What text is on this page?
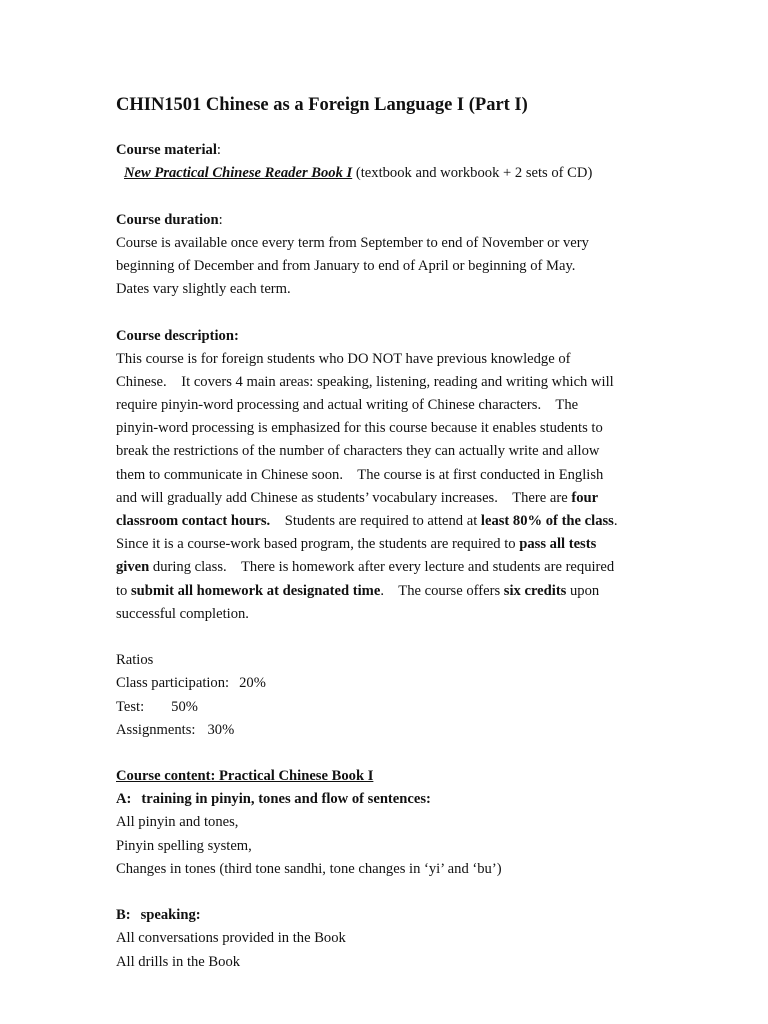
CHIN1501 Chinese as a Foreign Language I (Part I)
Course material:
New Practical Chinese Reader Book I (textbook and workbook + 2 sets of CD)
Course duration:
Course is available once every term from September to end of November or very
beginning of December and from January to end of April or beginning of May.
Dates vary slightly each term.
Course description:
This course is for foreign students who DO NOT have previous knowledge of
Chinese.    It covers 4 main areas: speaking, listening, reading and writing which will
require pinyin-word processing and actual writing of Chinese characters.    The
pinyin-word processing is emphasized for this course because it enables students to
break the restrictions of the number of characters they can actually write and allow
them to communicate in Chinese soon.    The course is at first conducted in English
and will gradually add Chinese as students’ vocabulary increases.    There are four
classroom contact hours.    Students are required to attend at least 80% of the class.
Since it is a course-work based program, the students are required to pass all tests
given during class.    There is homework after every lecture and students are required
to submit all homework at designated time.    The course offers six credits upon
successful completion.
Ratios
Class participation: 20%
Test: 50%
Assignments: 30%
Course content: Practical Chinese Book I
A: training in pinyin, tones and flow of sentences:
All pinyin and tones,
Pinyin spelling system,
Changes in tones (third tone sandhi, tone changes in ‘yi’ and ‘bu’)
B: speaking:
All conversations provided in the Book
All drills in the Book
